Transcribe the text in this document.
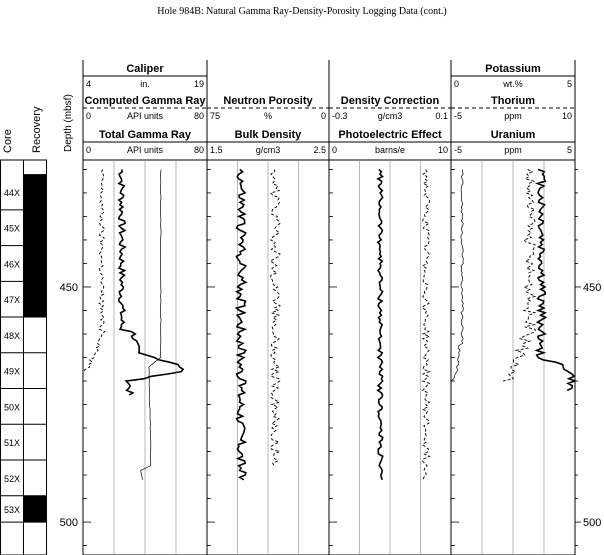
Hole 984B: Natural Gamma Ray-Density-Porosity Logging Data (cont.)
Core Recovery
44X
45X
46X
47X
48X
49X
50X
51X
52X
53X
Depth (mbsf)
450	450
500	500
Caliper
4	in.	19
Computed Gamma Ray
0	API units	80
Total Gamma Ray
0	API units	80
Neutron Porosity
75	%	0
Bulk Density
1.5	g/cm3	2.5
Density Correction
-0.3	g/cm3	0.1
Photoelectric Effect
0	barns/e	10
Potassium
0	wt.%	5
Thorium
-5	ppm	10
Uranium
-5	ppm	5
